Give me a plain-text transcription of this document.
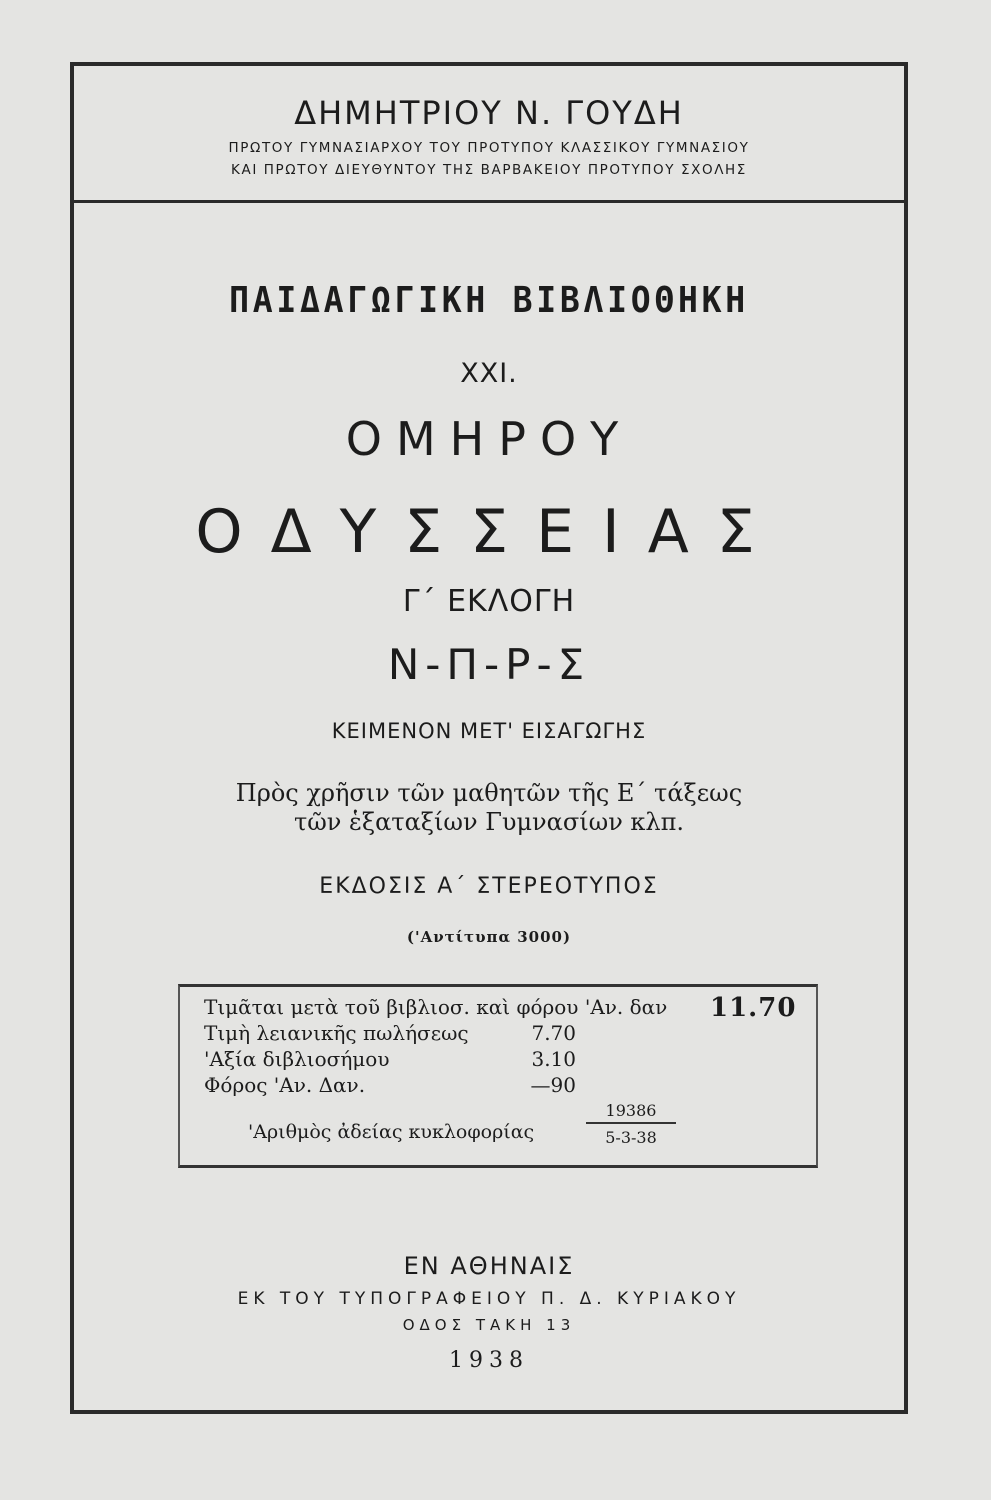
ΔΗΜΗΤΡΙΟΥ Ν. ΓΟΥΔΗ
ΠΡΩΤΟΥ ΓΥΜΝΑΣΙΑΡΧΟΥ ΤΟΥ ΠΡΟΤΥΠΟΥ ΚΛΑΣΣΙΚΟΥ ΓΥΜΝΑΣΙΟΥ
ΚΑΙ ΠΡΩΤΟΥ ΔΙΕΥΘΥΝΤΟΥ ΤΗΣ ΒΑΡΒΑΚΕΙΟΥ ΠΡΟΤΥΠΟΥ ΣΧΟΛΗΣ
ΠΑΙΔΑΓΩΓΙΚΗ ΒΙΒΛΙΟΘΗΚΗ
XXI.
ΟΜΗΡΟΥ
ΟΔΥΣΣΕΙΑΣ
Γ΄ ΕΚΛΟΓΗ
Ν-Π-Ρ-Σ
ΚΕΙΜΕΝΟΝ ΜΕΤ' ΕΙΣΑΓΩΓΗΣ
Πρὸς χρῆσιν τῶν μαθητῶν τῆς Ε΄ τάξεως
τῶν ἑξαταξίων Γυμνασίων κλπ.
ΕΚΔΟΣΙΣ Α΄ ΣΤΕΡΕΟΤΥΠΟΣ
('Αντίτυπα 3000)
Τιμᾶται μετὰ τοῦ βιβλιοσ. καὶ φόρου 'Αν. δαν 11.70
Τιμὴ λειανικῆς πωλήσεως	7.70
'Αξία διβλιοσήμου	3.10
Φόρος 'Αν. Δαν.	—90
'Αριθμὸς ἀδείας κυκλοφορίας	$\frac{19386}{5-3-38}$
ΕΝ ΑΘΗΝΑΙΣ
ΕΚ ΤΟΥ ΤΥΠΟΓΡΑΦΕΙΟΥ Π. Δ. ΚΥΡΙΑΚΟΥ
ΟΔΟΣ ΤΑΚΗ 13
1938
